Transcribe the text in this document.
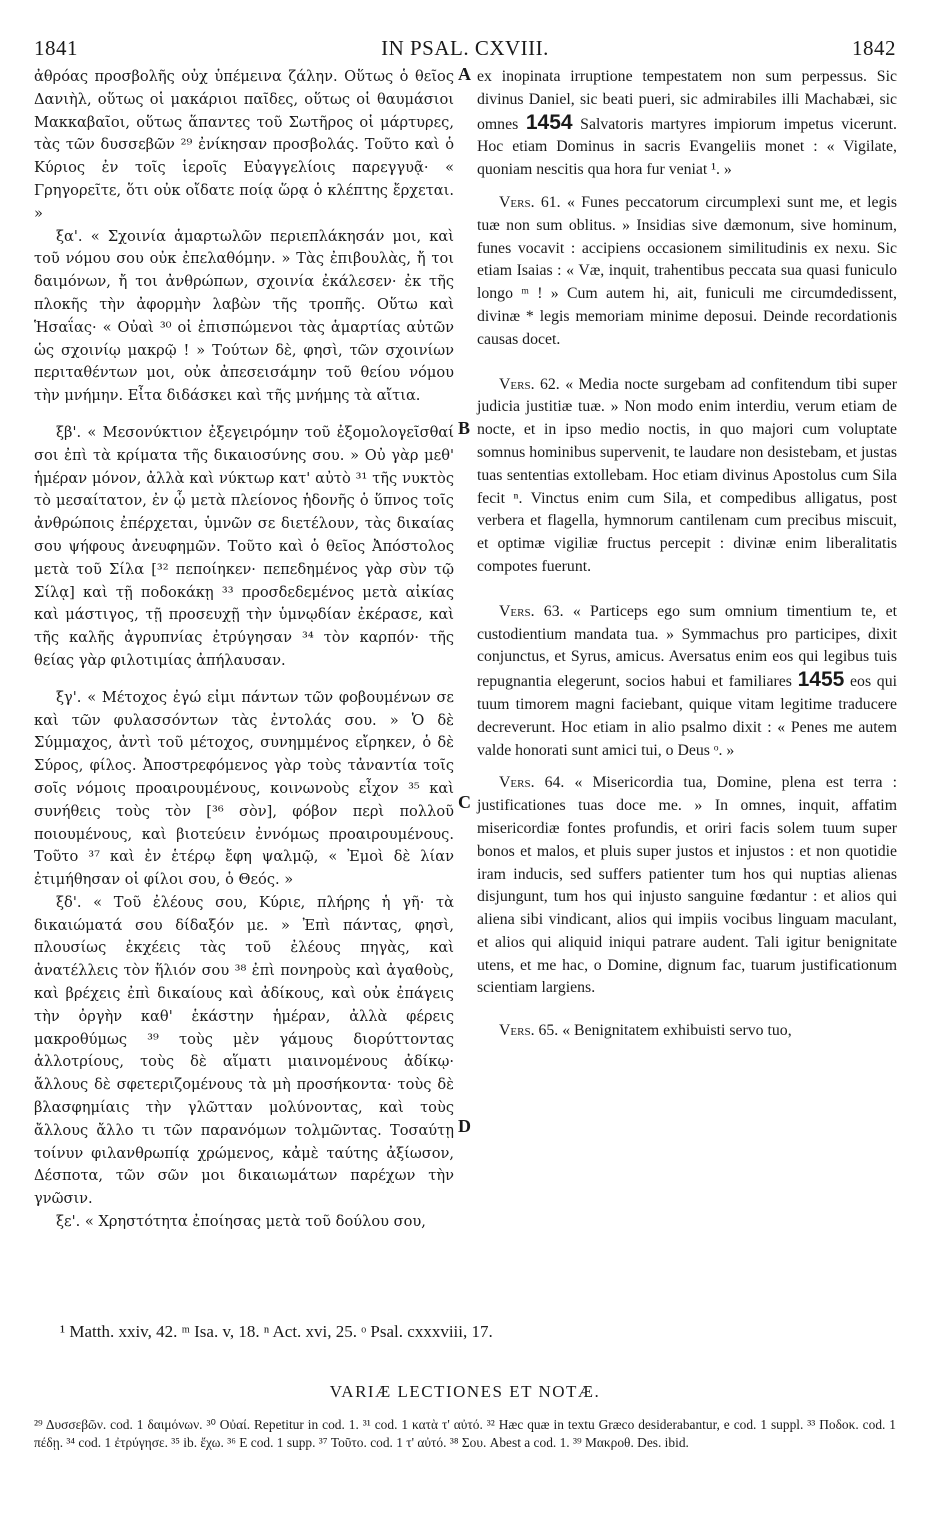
1841	IN PSAL. CXVIII.	1842

ἀθρόας προσβολῆς οὐχ ὑπέμεινα ζάλην. Οὕτως ὁ θεῖος Δανιὴλ, οὕτως οἱ μακάριοι παῖδες, οὕτως οἱ θαυμάσιοι Μακκαβαῖοι, οὕτως ἅπαντες τοῦ Σωτῆρος οἱ μάρτυρες, τὰς τῶν δυσσεβῶν ²⁹ ἐνίκησαν προσβολάς. Τοῦτο καὶ ὁ Κύριος ἐν τοῖς ἱεροῖς Εὐαγγελίοις παρεγγυᾷ· « Γρηγορεῖτε, ὅτι οὐκ οἴδατε ποίᾳ ὥρᾳ ὁ κλέπτης ἔρχεται. »

ξα'. « Σχοινία ἁμαρτωλῶν περιεπλάκησάν μοι, καὶ τοῦ νόμου σου οὐκ ἐπελαθόμην. » Τὰς ἐπιβουλὰς, ἤ τοι δαιμόνων, ἤ τοι ἀνθρώπων, σχοινία ἐκάλεσεν· ἐκ τῆς πλοκῆς τὴν ἀφορμὴν λαβὼν τῆς τροπῆς. Οὕτω καὶ Ἡσαΐας· « Οὐαὶ ³⁰ οἱ ἐπισπώμενοι τὰς ἁμαρτίας αὐτῶν ὡς σχοινίῳ μακρῷ ! » Τούτων δὲ, φησὶ, τῶν σχοινίων περιταθέντων μοι, οὐκ ἀπεσεισάμην τοῦ θείου νόμου τὴν μνήμην. Εἶτα διδάσκει καὶ τῆς μνήμης τὰ αἴτια.

ξβ'. « Μεσονύκτιον ἐξεγειρόμην τοῦ ἐξομολογεῖσθαί σοι ἐπὶ τὰ κρίματα τῆς δικαιοσύνης σου. » Οὐ γὰρ μεθ' ἡμέραν μόνον, ἀλλὰ καὶ νύκτωρ κατ' αὐτὸ ³¹ τῆς νυκτὸς τὸ μεσαίτατον, ἐν ᾧ μετὰ πλείονος ἡδονῆς ὁ ὕπνος τοῖς ἀνθρώποις ἐπέρχεται, ὑμνῶν σε διετέλουν, τὰς δικαίας σου ψήφους ἀνευφημῶν. Τοῦτο καὶ ὁ θεῖος Ἀπόστολος μετὰ τοῦ Σίλα [³² πεποίηκεν· πεπεδημένος γὰρ σὺν τῷ Σίλᾳ] καὶ τῇ ποδοκάκῃ ³³ προσδεδεμένος μετὰ αἰκίας καὶ μάστιγος, τῇ προσευχῇ τὴν ὑμνῳδίαν ἐκέρασε, καὶ τῆς καλῆς ἀγρυπνίας ἐτρύγησαν ³⁴ τὸν καρπόν· τῆς θείας γὰρ φιλοτιμίας ἀπήλαυσαν.

ξγ'. « Μέτοχος ἐγώ εἰμι πάντων τῶν φοβουμένων σε καὶ τῶν φυλασσόντων τὰς ἐντολάς σου. » Ὁ δὲ Σύμμαχος, ἀντὶ τοῦ μέτοχος, συνημμένος εἴρηκεν, ὁ δὲ Σύρος, φίλος. Ἀποστρεφόμενος γὰρ τοὺς τἀναντία τοῖς σοῖς νόμοις προαιρουμένους, κοινωνοὺς εἶχον ³⁵ καὶ συνήθεις τοὺς τὸν [³⁶ σὸν], φόβον περὶ πολλοῦ ποιουμένους, καὶ βιοτεύειν ἐννόμως προαιρουμένους. Τοῦτο ³⁷ καὶ ἐν ἑτέρῳ ἔφη ψαλμῷ, « Ἐμοὶ δὲ λίαν ἐτιμήθησαν οἱ φίλοι σου, ὁ Θεός. »

ξδ'. « Τοῦ ἐλέους σου, Κύριε, πλήρης ἡ γῆ· τὰ δικαιώματά σου δίδαξόν με. » Ἐπὶ πάντας, φησὶ, πλουσίως ἐκχέεις τὰς τοῦ ἐλέους πηγὰς, καὶ ἀνατέλλεις τὸν ἥλιόν σου ³⁸ ἐπὶ πονηροὺς καὶ ἀγαθοὺς, καὶ βρέχεις ἐπὶ δικαίους καὶ ἀδίκους, καὶ οὐκ ἐπάγεις τὴν ὀργὴν καθ' ἑκάστην ἡμέραν, ἀλλὰ φέρεις μακροθύμως ³⁹ τοὺς μὲν γάμους διορύττοντας ἀλλοτρίους, τοὺς δὲ αἵματι μιαινομένους ἀδίκῳ· ἄλλους δὲ σφετεριζομένους τὰ μὴ προσήκοντα· τοὺς δὲ βλασφημίαις τὴν γλῶτταν μολύνοντας, καὶ τοὺς ἄλλους ἄλλο τι τῶν παρανόμων τολμῶντας. Τοσαύτῃ τοίνυν φιλανθρωπίᾳ χρώμενος, κἀμὲ ταύτης ἀξίωσον, Δέσποτα, τῶν σῶν μοι δικαιωμάτων παρέχων τὴν γνῶσιν.

ξε'. « Χρηστότητα ἐποίησας μετὰ τοῦ δούλου σου,

A
B
C
D

ex inopinata irruptione tempestatem non sum perpessus. Sic divinus Daniel, sic beati pueri, sic admirabiles illi Machabæi, sic omnes 1454 Salvatoris martyres impiorum impetus vicerunt. Hoc etiam Dominus in sacris Evangeliis monet : « Vigilate, quoniam nescitis qua hora fur veniat ¹. »

Vers. 61. « Funes peccatorum circumplexi sunt me, et legis tuæ non sum oblitus. » Insidias sive dæmonum, sive hominum, funes vocavit : accipiens occasionem similitudinis ex nexu. Sic etiam Isaias : « Væ, inquit, trahentibus peccata sua quasi funiculo longo ᵐ ! » Cum autem hi, ait, funiculi me circumdedissent, divinæ * legis memoriam minime deposui. Deinde recordationis causas docet.

Vers. 62. « Media nocte surgebam ad confitendum tibi super judicia justitiæ tuæ. » Non modo enim interdiu, verum etiam de nocte, et in ipso medio noctis, in quo majori cum voluptate somnus hominibus supervenit, te laudare non desistebam, et justas tuas sententias extollebam. Hoc etiam divinus Apostolus cum Sila fecit ⁿ. Vinctus enim cum Sila, et compedibus alligatus, post verbera et flagella, hymnorum cantilenam cum precibus miscuit, et optimæ vigiliæ fructus percepit : divinæ enim liberalitatis compotes fuerunt.

Vers. 63. « Particeps ego sum omnium timentium te, et custodientium mandata tua. » Symmachus pro participes, dixit conjunctus, et Syrus, amicus. Aversatus enim eos qui legibus tuis repugnantia elegerunt, socios habui et familiares 1455 eos qui tuum timorem magni faciebant, quique vitam legitime traducere decreverunt. Hoc etiam in alio psalmo dixit : « Penes me autem valde honorati sunt amici tui, o Deus ᵒ. »

Vers. 64. « Misericordia tua, Domine, plena est terra : justificationes tuas doce me. » In omnes, inquit, affatim misericordiæ fontes profundis, et oriri facis solem tuum super bonos et malos, et pluis super justos et injustos : et non quotidie iram inducis, sed suffers patienter tum hos qui nuptias alienas disjungunt, tum hos qui injusto sanguine fœdantur : et alios qui aliena sibi vindicant, alios qui impiis vocibus linguam maculant, et alios qui aliquid iniqui patrare audent. Tali igitur benignitate utens, et me hac, o Domine, dignum fac, tuarum justificationum scientiam largiens.

Vers. 65. « Benignitatem exhibuisti servo tuo,

¹ Matth. xxiv, 42. ᵐ Isa. v, 18. ⁿ Act. xvi, 25. ᵒ Psal. cxxxviii, 17.
VARIÆ LECTIONES ET NOTÆ.

²⁹ Δυσσεβῶν. cod. 1 δαιμόνων. ³⁰ Οὐαί. Repetitur in cod. 1. ³¹ cod. 1 κατὰ τ' αὐτό. ³² Hæc quæ in textu Græco desiderabantur, e cod. 1 suppl. ³³ Ποδοκ. cod. 1 πέδῃ. ³⁴ cod. 1 ἐτρύγησε. ³⁵ ib. ἔχω. ³⁶ E cod. 1 supp. ³⁷ Τοῦτο. cod. 1 τ' αὐτό. ³⁸ Σου. Abest a cod. 1. ³⁹ Μακροθ. Des. ibid.
